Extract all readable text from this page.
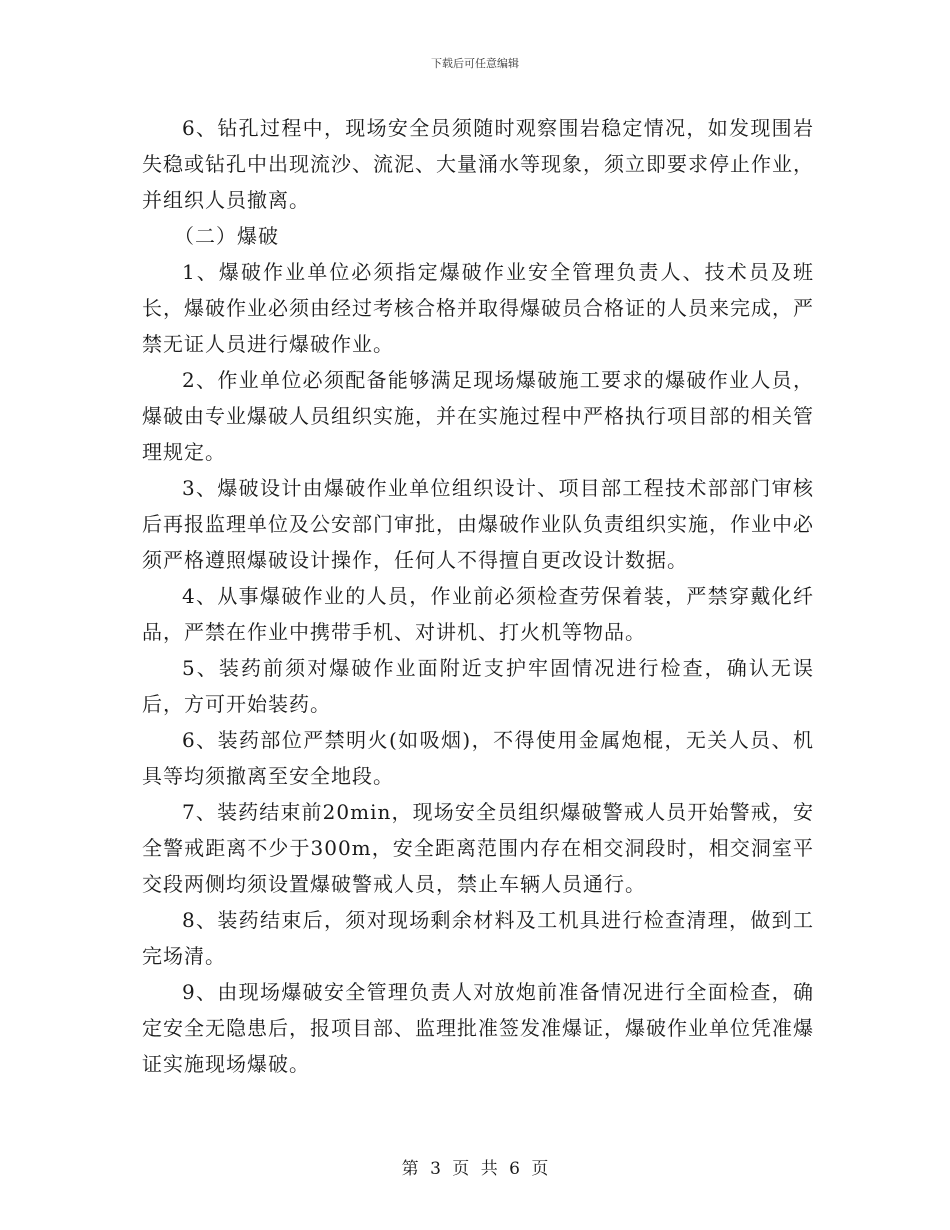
下载后可任意编辑

6、钻孔过程中，现场安全员须随时观察围岩稳定情况，如发现围岩失稳或钻孔中出现流沙、流泥、大量涌水等现象，须立即要求停止作业，并组织人员撤离。

（二）爆破

1、爆破作业单位必须指定爆破作业安全管理负责人、技术员及班长，爆破作业必须由经过考核合格并取得爆破员合格证的人员来完成，严禁无证人员进行爆破作业。

2、作业单位必须配备能够满足现场爆破施工要求的爆破作业人员，爆破由专业爆破人员组织实施，并在实施过程中严格执行项目部的相关管理规定。

3、爆破设计由爆破作业单位组织设计、项目部工程技术部部门审核后再报监理单位及公安部门审批，由爆破作业队负责组织实施，作业中必须严格遵照爆破设计操作，任何人不得擅自更改设计数据。

4、从事爆破作业的人员，作业前必须检查劳保着装，严禁穿戴化纤品，严禁在作业中携带手机、对讲机、打火机等物品。

5、装药前须对爆破作业面附近支护牢固情况进行检查，确认无误后，方可开始装药。

6、装药部位严禁明火(如吸烟)，不得使用金属炮棍，无关人员、机具等均须撤离至安全地段。

7、装药结束前20min，现场安全员组织爆破警戒人员开始警戒，安全警戒距离不少于300m，安全距离范围内存在相交洞段时，相交洞室平交段两侧均须设置爆破警戒人员，禁止车辆人员通行。

8、装药结束后，须对现场剩余材料及工机具进行检查清理，做到工完场清。

9、由现场爆破安全管理负责人对放炮前准备情况进行全面检查，确定安全无隐患后，报项目部、监理批准签发准爆证，爆破作业单位凭准爆证实施现场爆破。

第 3 页 共 6 页
